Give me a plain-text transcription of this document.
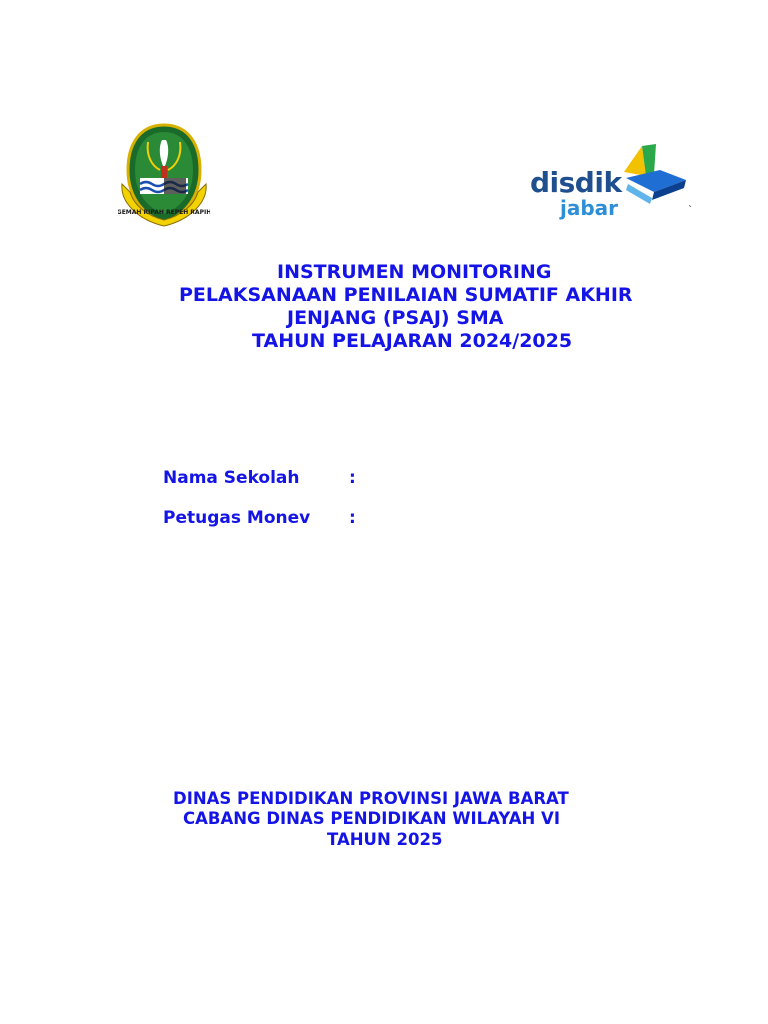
GEMAH RIPAH REPEH RAPIH
disdik
jabar	`
INSTRUMEN MONITORING
PELAKSANAAN PENILAIAN SUMATIF AKHIR
JENJANG (PSAJ) SMA
TAHUN PELAJARAN 2024/2025
Nama Sekolah	:
Petugas Monev :
DINAS PENDIDIKAN PROVINSI JAWA BARAT
CABANG DINAS PENDIDIKAN WILAYAH VI
TAHUN 2025
